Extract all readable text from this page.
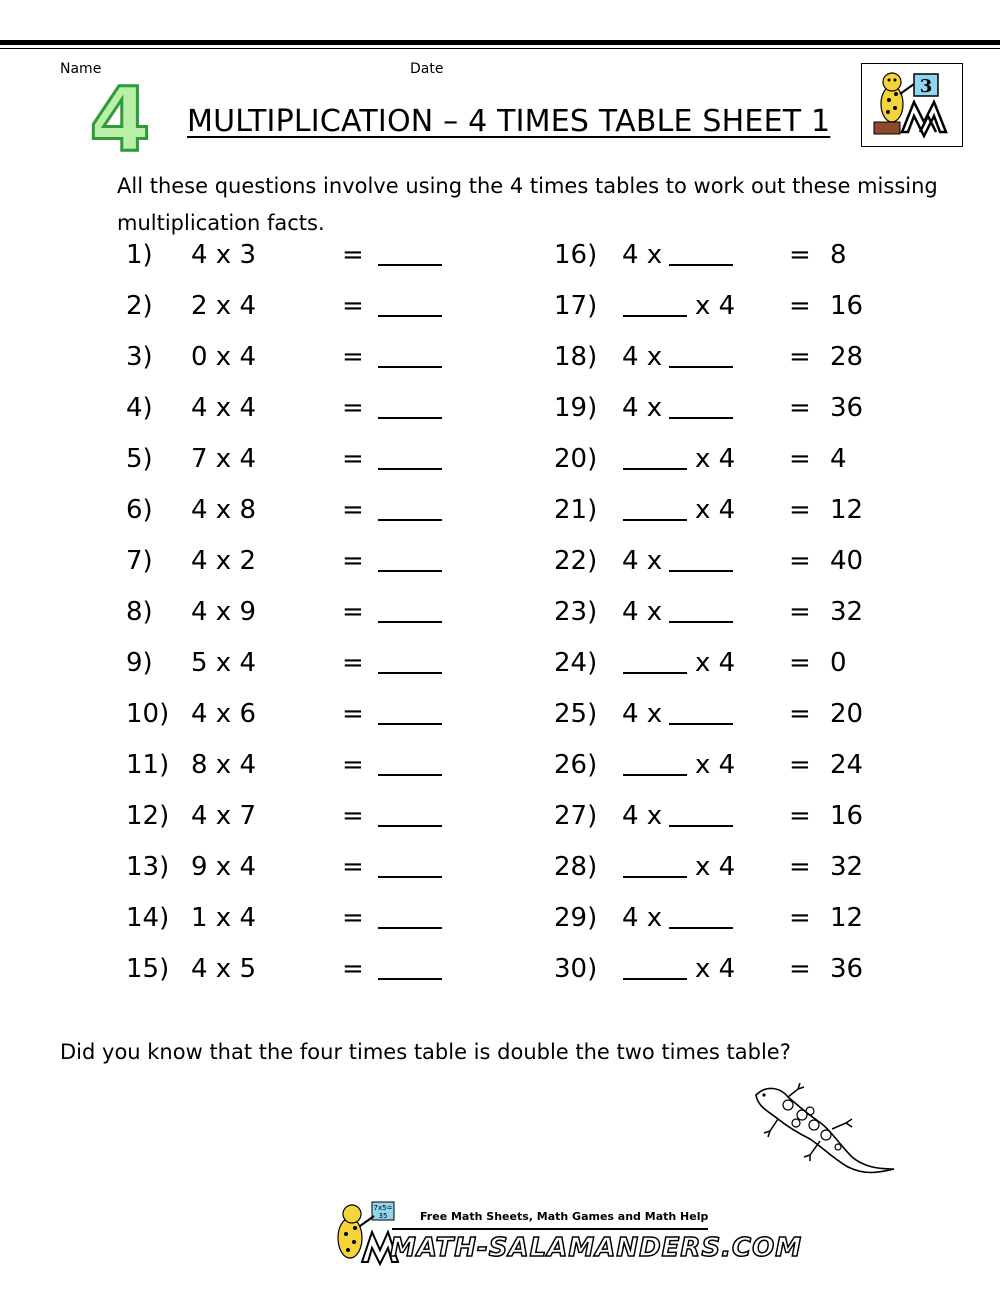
Name	Date
4 MULTIPLICATION – 4 TIMES TABLE SHEET 1
3
All these questions involve using the 4 times tables to work out these missing multiplication facts.
1) 4 x 3	=
2) 2 x 4	=
3) 0 x 4	=
4) 4 x 4	=
5) 7 x 4	=
6) 4 x 8	=
7) 4 x 2	=
8) 4 x 9	=
9) 5 x 4	=
10) 4 x 6	=
11) 8 x 4	=
12) 4 x 7	=
13) 9 x 4	=
14) 1 x 4	=
15) 4 x 5	=
16) 4 x	= 8
17)	x 4 = 16
18) 4 x	= 28
19) 4 x	= 36
20)	x 4 = 4
21)	x 4 = 12
22) 4 x	= 40
23) 4 x	= 32
24)	x 4 = 0
25) 4 x	= 20
26)	x 4 = 24
27) 4 x	= 16
28)	x 4 = 32
29) 4 x	= 12
30)	x 4 = 36
Did you know that the four times table is double the two times table?
7x5=
35	Free Math Sheets, Math Games and Math Help
MATH-SALAMANDERS.COM
